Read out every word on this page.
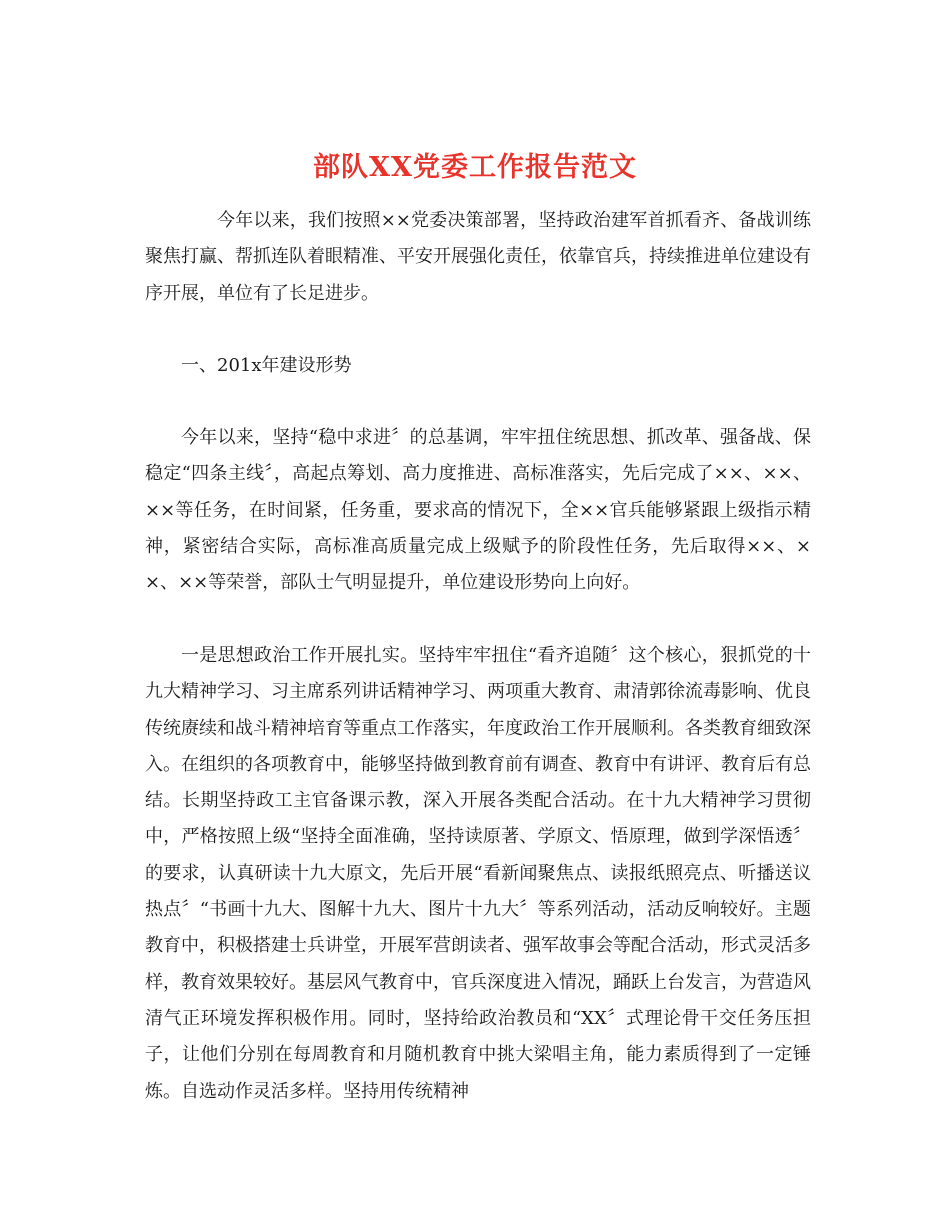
部队XX党委工作报告范文

今年以来，我们按照××党委决策部署，坚持政治建军首抓看齐、备战训练聚焦打赢、帮抓连队着眼精准、平安开展强化责任，依靠官兵，持续推进单位建设有序开展，单位有了长足进步。

一、201x年建设形势

今年以来，坚持“稳中求进〞的总基调，牢牢扭住统思想、抓改革、强备战、保稳定“四条主线〞，高起点筹划、高力度推进、高标准落实，先后完成了××、××、××等任务，在时间紧，任务重，要求高的情况下，全××官兵能够紧跟上级指示精神，紧密结合实际，高标准高质量完成上级赋予的阶段性任务，先后取得××、××、××等荣誉，部队士气明显提升，单位建设形势向上向好。

一是思想政治工作开展扎实。坚持牢牢扭住“看齐追随〞这个核心，狠抓党的十九大精神学习、习主席系列讲话精神学习、两项重大教育、肃清郭徐流毒影响、优良传统赓续和战斗精神培育等重点工作落实，年度政治工作开展顺利。各类教育细致深入。在组织的各项教育中，能够坚持做到教育前有调查、教育中有讲评、教育后有总结。长期坚持政工主官备课示教，深入开展各类配合活动。在十九大精神学习贯彻中，严格按照上级“坚持全面准确，坚持读原著、学原文、悟原理，做到学深悟透〞的要求，认真研读十九大原文，先后开展“看新闻聚焦点、读报纸照亮点、听播送议热点〞“书画十九大、图解十九大、图片十九大〞等系列活动，活动反响较好。主题教育中，积极搭建士兵讲堂，开展军营朗读者、强军故事会等配合活动，形式灵活多样，教育效果较好。基层风气教育中，官兵深度进入情况，踊跃上台发言，为营造风清气正环境发挥积极作用。同时，坚持给政治教员和“XX〞式理论骨干交任务压担子，让他们分别在每周教育和月随机教育中挑大梁唱主角，能力素质得到了一定锤炼。自选动作灵活多样。坚持用传统精神
